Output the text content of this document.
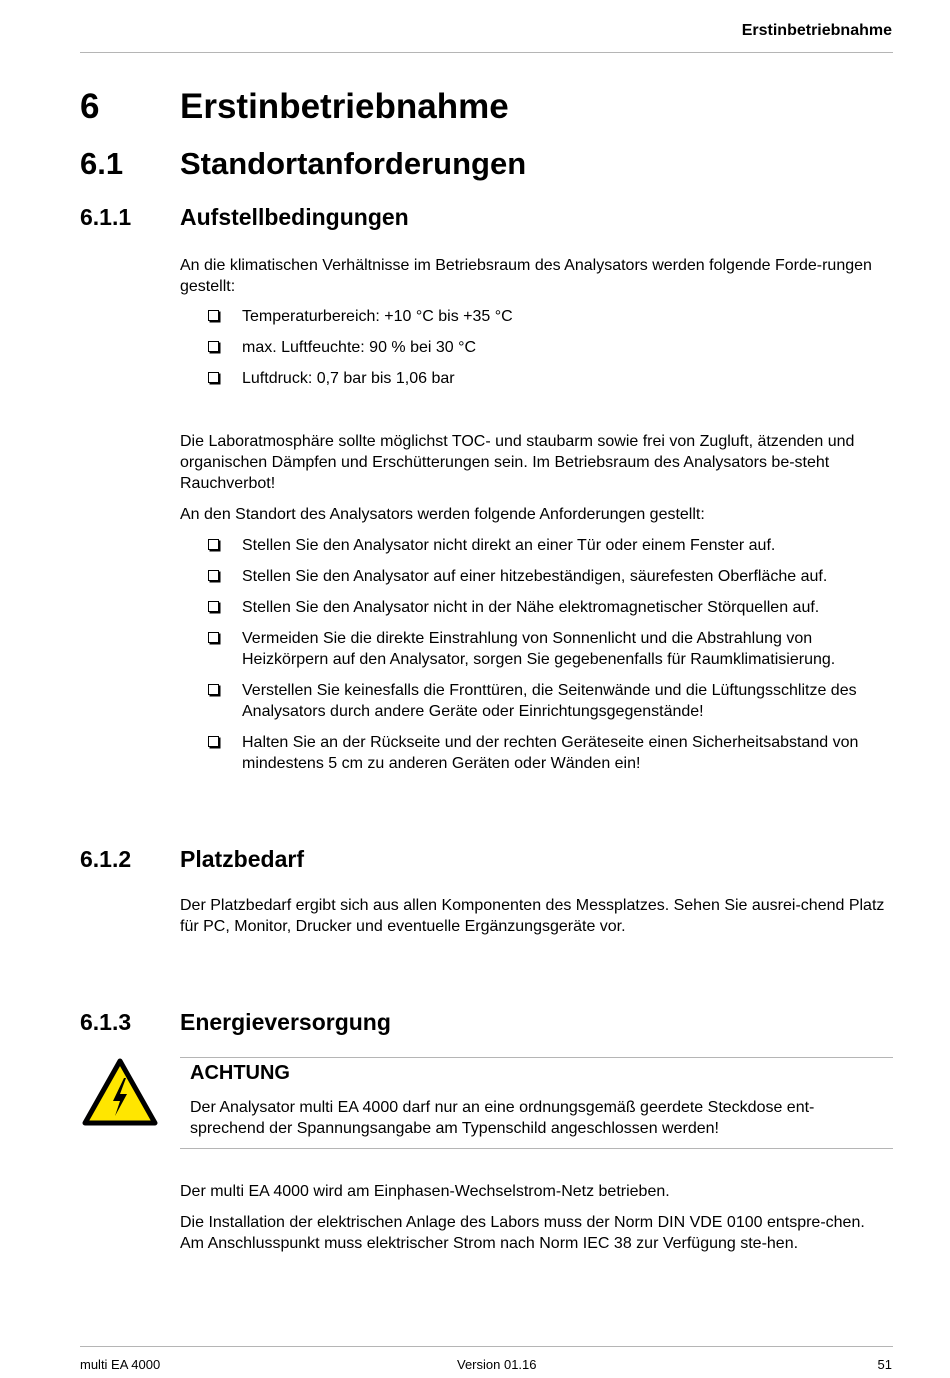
Erstinbetriebnahme
6 Erstinbetriebnahme
6.1 Standortanforderungen
6.1.1 Aufstellbedingungen

An die klimatischen Verhältnisse im Betriebsraum des Analysators werden folgende Forde-rungen gestellt:

Temperaturbereich: +10 °C bis +35 °C
max. Luftfeuchte: 90 % bei 30 °C
Luftdruck: 0,7 bar bis 1,06 bar

Die Laboratmosphäre sollte möglichst TOC- und staubarm sowie frei von Zugluft, ätzenden und organischen Dämpfen und Erschütterungen sein. Im Betriebsraum des Analysators be-steht Rauchverbot!

An den Standort des Analysators werden folgende Anforderungen gestellt:

Stellen Sie den Analysator nicht direkt an einer Tür oder einem Fenster auf.
Stellen Sie den Analysator auf einer hitzebeständigen, säurefesten Oberfläche auf.
Stellen Sie den Analysator nicht in der Nähe elektromagnetischer Störquellen auf.
Vermeiden Sie die direkte Einstrahlung von Sonnenlicht und die Abstrahlung von Heizkörpern auf den Analysator, sorgen Sie gegebenenfalls für Raumklimatisierung.
Verstellen Sie keinesfalls die Fronttüren, die Seitenwände und die Lüftungsschlitze des Analysators durch andere Geräte oder Einrichtungsgegenstände!
Halten Sie an der Rückseite und der rechten Geräteseite einen Sicherheitsabstand von mindestens 5 cm zu anderen Geräten oder Wänden ein!
6.1.2 Platzbedarf

Der Platzbedarf ergibt sich aus allen Komponenten des Messplatzes. Sehen Sie ausrei-chend Platz für PC, Monitor, Drucker und eventuelle Ergänzungsgeräte vor.

6.1.3 Energieversorgung
ACHTUNG

Der Analysator multi EA 4000 darf nur an eine ordnungsgemäß geerdete Steckdose ent-sprechend der Spannungsangabe am Typenschild angeschlossen werden!

Der multi EA 4000 wird am Einphasen-Wechselstrom-Netz betrieben.

Die Installation der elektrischen Anlage des Labors muss der Norm DIN VDE 0100 entspre-chen. Am Anschlusspunkt muss elektrischer Strom nach Norm IEC 38 zur Verfügung ste-hen.

multi EA 4000	Version 01.16	51
